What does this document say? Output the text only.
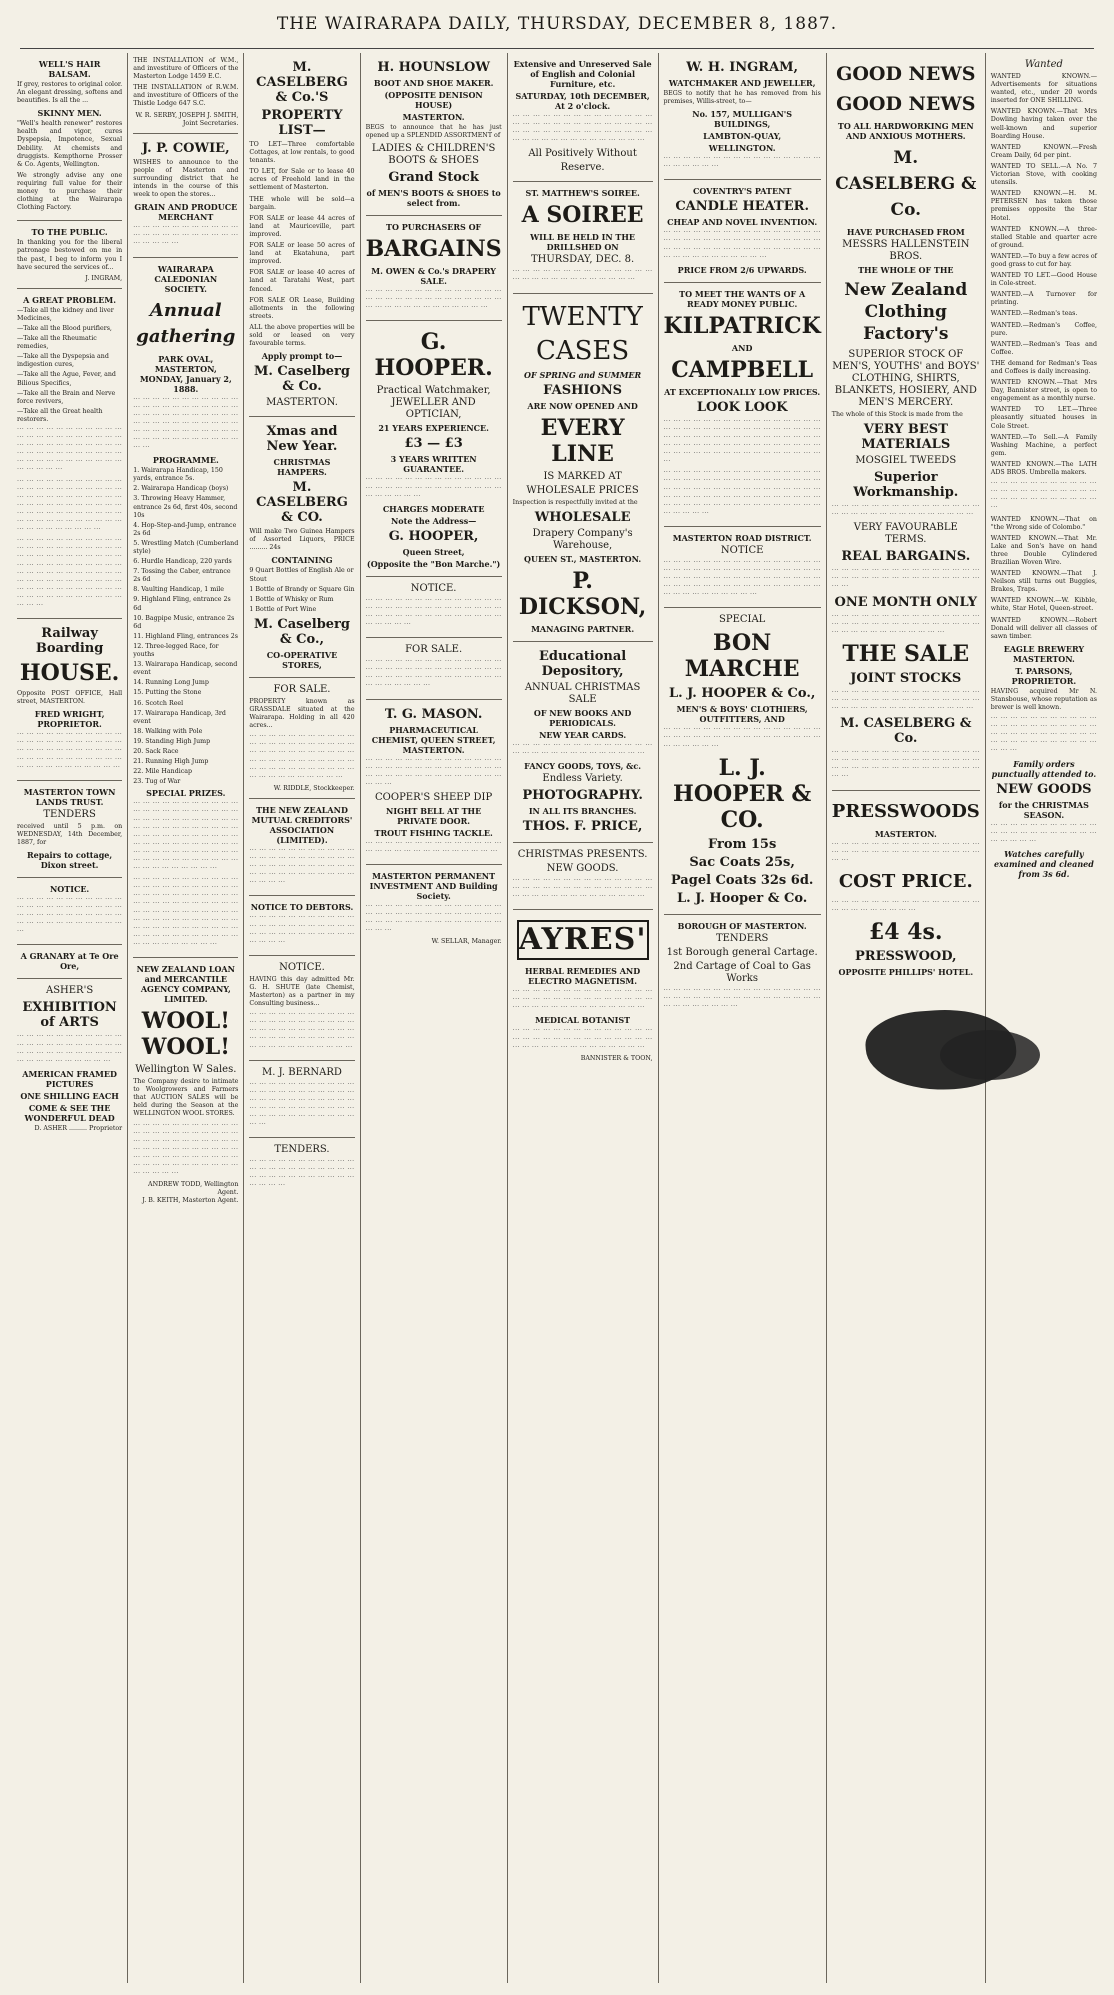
THE WAIRARAPA DAILY, THURSDAY, DECEMBER 8, 1887.
WELL'S HAIR BALSAM.

If grey, restores to original color. An elegant dressing, softens and beautifies. Is all the ...

SKINNY MEN.

"Well's health renewer" restores health and vigor, cures Dyspepsia, Impotence, Sexual Debility. At chemists and druggists. Kempthorne Prosser & Co. Agents, Wellington.

We strongly advise any one requiring full value for their money to purchase their clothing at the Wairarapa Clothing Factory.

TO THE PUBLIC.

In thanking you for the liberal patronage bestowed on me in the past, I beg to inform you I have secured the services of...

J. INGRAM,
A GREAT PROBLEM.
—Take all the kidney and liver Medicines,
—Take all the Blood purifiers,
—Take all the Rheumatic remedies,
—Take all the Dyspepsia and indigestion cures,
—Take all the Ague, Fever, and Bilious Specifics,
—Take all the Brain and Nerve force revivers,
—Take all the Great health restorers.

··· ··· ··· ··· ··· ··· ··· ··· ··· ··· ··· ··· ··· ··· ··· ··· ··· ··· ··· ··· ··· ··· ··· ··· ··· ··· ··· ··· ··· ··· ··· ··· ··· ··· ··· ··· ··· ··· ··· ··· ··· ··· ··· ··· ··· ··· ··· ··· ··· ··· ··· ··· ··· ··· ··· ··· ··· ··· ··· ···

··· ··· ··· ··· ··· ··· ··· ··· ··· ··· ··· ··· ··· ··· ··· ··· ··· ··· ··· ··· ··· ··· ··· ··· ··· ··· ··· ··· ··· ··· ··· ··· ··· ··· ··· ··· ··· ··· ··· ··· ··· ··· ··· ··· ··· ··· ··· ··· ··· ··· ··· ··· ··· ··· ··· ··· ··· ··· ··· ··· ··· ··· ··· ··· ··· ··· ··· ··· ··· ··· ··· ··· ··· ··· ···

··· ··· ··· ··· ··· ··· ··· ··· ··· ··· ··· ··· ··· ··· ··· ··· ··· ··· ··· ··· ··· ··· ··· ··· ··· ··· ··· ··· ··· ··· ··· ··· ··· ··· ··· ··· ··· ··· ··· ··· ··· ··· ··· ··· ··· ··· ··· ··· ··· ··· ··· ··· ··· ··· ··· ··· ··· ··· ··· ··· ··· ··· ··· ··· ··· ··· ··· ··· ··· ··· ··· ··· ··· ··· ··· ··· ··· ··· ··· ··· ··· ··· ··· ··· ··· ··· ··· ··· ··· ··· ···

Railway Boarding
HOUSE.

Opposite POST OFFICE, Hall street, MASTERTON.

FRED WRIGHT, PROPRIETOR.

··· ··· ··· ··· ··· ··· ··· ··· ··· ··· ··· ··· ··· ··· ··· ··· ··· ··· ··· ··· ··· ··· ··· ··· ··· ··· ··· ··· ··· ··· ··· ··· ··· ··· ··· ··· ··· ··· ··· ··· ··· ··· ··· ··· ··· ··· ··· ··· ··· ··· ··· ··· ··· ··· ···

MASTERTON TOWN LANDS TRUST.
TENDERS

received until 5 p.m. on WEDNESDAY, 14th December, 1887, for

Repairs to cottage, Dixon street.
NOTICE.

··· ··· ··· ··· ··· ··· ··· ··· ··· ··· ··· ··· ··· ··· ··· ··· ··· ··· ··· ··· ··· ··· ··· ··· ··· ··· ··· ··· ··· ··· ··· ··· ··· ··· ··· ··· ··· ··· ··· ··· ··· ··· ··· ··· ···

A GRANARY at Te Ore Ore,
ASHER'S
EXHIBITION of ARTS

··· ··· ··· ··· ··· ··· ··· ··· ··· ··· ··· ··· ··· ··· ··· ··· ··· ··· ··· ··· ··· ··· ··· ··· ··· ··· ··· ··· ··· ··· ··· ··· ··· ··· ··· ··· ··· ··· ··· ··· ··· ··· ···

AMERICAN FRAMED PICTURES
ONE SHILLING EACH
COME & SEE THE WONDERFUL DEAD
D. ASHER ......... Proprietor

THE INSTALLATION of W.M., and investiture of Officers of the Masterton Lodge 1459 E.C.

THE INSTALLATION of R.W.M. and investiture of Officers of the Thistle Lodge 647 S.C.

W. R. SERBY, JOSEPH J. SMITH, Joint Secretaries.
J. P. COWIE,

WISHES to announce to the people of Masterton and surrounding district that he intends in the course of this week to open the stores...

GRAIN AND PRODUCE MERCHANT

··· ··· ··· ··· ··· ··· ··· ··· ··· ··· ··· ··· ··· ··· ··· ··· ··· ··· ··· ··· ··· ··· ··· ··· ··· ··· ···

WAIRARAPA CALEDONIAN SOCIETY.
Annual gathering
PARK OVAL, MASTERTON, MONDAY, January 2, 1888.

··· ··· ··· ··· ··· ··· ··· ··· ··· ··· ··· ··· ··· ··· ··· ··· ··· ··· ··· ··· ··· ··· ··· ··· ··· ··· ··· ··· ··· ··· ··· ··· ··· ··· ··· ··· ··· ··· ··· ··· ··· ··· ··· ··· ··· ··· ··· ··· ··· ··· ··· ··· ··· ··· ··· ··· ··· ··· ··· ··· ··· ··· ··· ··· ··· ··· ··· ···

PROGRAMME.
1. Wairarapa Handicap, 150 yards, entrance 5s.
2. Wairarapa Handicap (boys)
3. Throwing Heavy Hammer, entrance 2s 6d, first 40s, second 10s
4. Hop-Step-and-Jump, entrance 2s 6d
5. Wrestling Match (Cumberland style)
6. Hurdle Handicap, 220 yards
7. Tossing the Caber, entrance 2s 6d
8. Vaulting Handicap, 1 mile
9. Highland Fling, entrance 2s 6d
10. Bagpipe Music, entrance 2s 6d
11. Highland Fling, entrances 2s
12. Three-legged Race, for youths
13. Wairarapa Handicap, second event
14. Running Long Jump
15. Putting the Stone
16. Scotch Reel
17. Wairarapa Handicap, 3rd event
18. Walking with Pole
19. Standing High Jump
20. Sack Race
21. Running High Jump
22. Mile Handicap
23. Tug of War
SPECIAL PRIZES.

··· ··· ··· ··· ··· ··· ··· ··· ··· ··· ··· ··· ··· ··· ··· ··· ··· ··· ··· ··· ··· ··· ··· ··· ··· ··· ··· ··· ··· ··· ··· ··· ··· ··· ··· ··· ··· ··· ··· ··· ··· ··· ··· ··· ··· ··· ··· ··· ··· ··· ··· ··· ··· ··· ··· ··· ··· ··· ··· ··· ··· ··· ··· ··· ··· ··· ··· ··· ··· ··· ··· ··· ··· ··· ··· ··· ··· ··· ··· ··· ··· ··· ··· ··· ··· ··· ··· ··· ··· ··· ··· ··· ··· ··· ··· ··· ···

··· ··· ··· ··· ··· ··· ··· ··· ··· ··· ··· ··· ··· ··· ··· ··· ··· ··· ··· ··· ··· ··· ··· ··· ··· ··· ··· ··· ··· ··· ··· ··· ··· ··· ··· ··· ··· ··· ··· ··· ··· ··· ··· ··· ··· ··· ··· ··· ··· ··· ··· ··· ··· ··· ··· ··· ··· ··· ··· ··· ··· ··· ··· ··· ··· ··· ··· ··· ··· ··· ··· ··· ··· ··· ··· ··· ··· ··· ··· ··· ··· ··· ··· ··· ··· ··· ··· ··· ··· ··· ··· ··· ··· ··· ··· ··· ···

NEW ZEALAND LOAN and MERCANTILE AGENCY COMPANY, LIMITED.
WOOL! WOOL!
Wellington W Sales.

The Company desire to intimate to Woolgrowers and Farmers that AUCTION SALES will be held during the Season at the WELLINGTON WOOL STORES.

··· ··· ··· ··· ··· ··· ··· ··· ··· ··· ··· ··· ··· ··· ··· ··· ··· ··· ··· ··· ··· ··· ··· ··· ··· ··· ··· ··· ··· ··· ··· ··· ··· ··· ··· ··· ··· ··· ··· ··· ··· ··· ··· ··· ··· ··· ··· ··· ··· ··· ··· ··· ··· ··· ··· ··· ··· ··· ··· ··· ··· ··· ··· ··· ··· ··· ··· ··· ··· ··· ···

ANDREW TODD, Wellington Agent.
J. B. KEITH, Masterton Agent.
M. CASELBERG & Co.'S
PROPERTY LIST—

TO LET—Three comfortable Cottages, at low rentals, to good tenants.

TO LET, for Sale or to lease 40 acres of Freehold land in the settlement of Masterton.

THE whole will be sold—a bargain.

FOR SALE or lease 44 acres of land at Mauriceville, part improved.

FOR SALE or lease 50 acres of land at Ekatahuna, part improved.

FOR SALE or lease 40 acres of land at Taratahi West, part fenced.

FOR SALE OR Lease, Building allotments in the following streets.

ALL the above properties will be sold or leased on very favourable terms.

Apply prompt to—
M. Caselberg & Co.
MASTERTON.
Xmas and New Year.
CHRISTMAS HAMPERS.
M. CASELBERG & CO.

Will make Two Guinea Hampers of Assorted Liquors, PRICE ......... 24s

CONTAINING
9 Quart Bottles of English Ale or Stout
1 Bottle of Brandy or Square Gin
1 Bottle of Whisky or Rum
1 Bottle of Port Wine
M. Caselberg & Co.,
CO-OPERATIVE STORES,
FOR SALE.

PROPERTY known as GRASSDALE situated at the Wairarapa. Holding in all 420 acres...

··· ··· ··· ··· ··· ··· ··· ··· ··· ··· ··· ··· ··· ··· ··· ··· ··· ··· ··· ··· ··· ··· ··· ··· ··· ··· ··· ··· ··· ··· ··· ··· ··· ··· ··· ··· ··· ··· ··· ··· ··· ··· ··· ··· ··· ··· ··· ··· ··· ··· ··· ··· ··· ··· ··· ··· ··· ··· ··· ··· ··· ··· ··· ··· ···

W. RIDDLE, Stockkeeper.
THE NEW ZEALAND MUTUAL CREDITORS' ASSOCIATION (LIMITED).

··· ··· ··· ··· ··· ··· ··· ··· ··· ··· ··· ··· ··· ··· ··· ··· ··· ··· ··· ··· ··· ··· ··· ··· ··· ··· ··· ··· ··· ··· ··· ··· ··· ··· ··· ··· ··· ··· ··· ··· ··· ··· ··· ··· ··· ··· ··· ···

NOTICE TO DEBTORS.

··· ··· ··· ··· ··· ··· ··· ··· ··· ··· ··· ··· ··· ··· ··· ··· ··· ··· ··· ··· ··· ··· ··· ··· ··· ··· ··· ··· ··· ··· ··· ··· ··· ··· ··· ··· ···

NOTICE.

HAVING this day admitted Mr. G. H. SHUTE (late Chemist, Masterton) as a partner in my Consulting business...

··· ··· ··· ··· ··· ··· ··· ··· ··· ··· ··· ··· ··· ··· ··· ··· ··· ··· ··· ··· ··· ··· ··· ··· ··· ··· ··· ··· ··· ··· ··· ··· ··· ··· ··· ··· ··· ··· ··· ··· ··· ··· ··· ··· ··· ··· ··· ··· ··· ··· ··· ··· ··· ··· ···

M. J. BERNARD

··· ··· ··· ··· ··· ··· ··· ··· ··· ··· ··· ··· ··· ··· ··· ··· ··· ··· ··· ··· ··· ··· ··· ··· ··· ··· ··· ··· ··· ··· ··· ··· ··· ··· ··· ··· ··· ··· ··· ··· ··· ··· ··· ··· ··· ··· ··· ··· ··· ··· ··· ··· ··· ··· ··· ··· ···

TENDERS.

··· ··· ··· ··· ··· ··· ··· ··· ··· ··· ··· ··· ··· ··· ··· ··· ··· ··· ··· ··· ··· ··· ··· ··· ··· ··· ··· ··· ··· ··· ··· ··· ··· ··· ··· ··· ···

H. HOUNSLOW
BOOT AND SHOE MAKER.
(OPPOSITE DENISON HOUSE)
MASTERTON.

BEGS to announce that he has just opened up a SPLENDID ASSORTMENT of

LADIES & CHILDREN'S BOOTS & SHOES
Grand Stock
of MEN'S BOOTS & SHOES to select from.
TO PURCHASERS OF
BARGAINS
M. OWEN & Co.'s DRAPERY SALE.

··· ··· ··· ··· ··· ··· ··· ··· ··· ··· ··· ··· ··· ··· ··· ··· ··· ··· ··· ··· ··· ··· ··· ··· ··· ··· ··· ··· ··· ··· ··· ··· ··· ··· ··· ··· ··· ··· ··· ··· ···

G. HOOPER.
Practical Watchmaker, JEWELLER AND OPTICIAN,
21 YEARS EXPERIENCE.
£3 — £3
3 YEARS WRITTEN GUARANTEE.

··· ··· ··· ··· ··· ··· ··· ··· ··· ··· ··· ··· ··· ··· ··· ··· ··· ··· ··· ··· ··· ··· ··· ··· ··· ··· ··· ··· ··· ··· ··· ··· ··· ···

CHARGES MODERATE
Note the Address—
G. HOOPER,
Queen Street,
(Opposite the "Bon Marche.")
NOTICE.

··· ··· ··· ··· ··· ··· ··· ··· ··· ··· ··· ··· ··· ··· ··· ··· ··· ··· ··· ··· ··· ··· ··· ··· ··· ··· ··· ··· ··· ··· ··· ··· ··· ··· ··· ··· ··· ··· ··· ··· ··· ··· ··· ··· ··· ··· ···

FOR SALE.

··· ··· ··· ··· ··· ··· ··· ··· ··· ··· ··· ··· ··· ··· ··· ··· ··· ··· ··· ··· ··· ··· ··· ··· ··· ··· ··· ··· ··· ··· ··· ··· ··· ··· ··· ··· ··· ··· ··· ··· ··· ··· ··· ··· ··· ··· ··· ··· ···

T. G. MASON.
PHARMACEUTICAL CHEMIST, QUEEN STREET, MASTERTON.

··· ··· ··· ··· ··· ··· ··· ··· ··· ··· ··· ··· ··· ··· ··· ··· ··· ··· ··· ··· ··· ··· ··· ··· ··· ··· ··· ··· ··· ··· ··· ··· ··· ··· ··· ··· ··· ··· ··· ··· ··· ··· ··· ··· ···

COOPER'S SHEEP DIP
NIGHT BELL AT THE PRIVATE DOOR.
TROUT FISHING TACKLE.

··· ··· ··· ··· ··· ··· ··· ··· ··· ··· ··· ··· ··· ··· ··· ··· ··· ··· ··· ··· ··· ··· ··· ··· ··· ··· ··· ···

MASTERTON PERMANENT INVESTMENT AND Building Society.

··· ··· ··· ··· ··· ··· ··· ··· ··· ··· ··· ··· ··· ··· ··· ··· ··· ··· ··· ··· ··· ··· ··· ··· ··· ··· ··· ··· ··· ··· ··· ··· ··· ··· ··· ··· ··· ··· ··· ··· ··· ··· ··· ··· ···

W. SELLAR, Manager.
Extensive and Unreserved Sale of English and Colonial Furniture, etc.
SATURDAY, 10th DECEMBER, At 2 o'clock.

··· ··· ··· ··· ··· ··· ··· ··· ··· ··· ··· ··· ··· ··· ··· ··· ··· ··· ··· ··· ··· ··· ··· ··· ··· ··· ··· ··· ··· ··· ··· ··· ··· ··· ··· ··· ··· ··· ··· ··· ··· ··· ··· ··· ··· ··· ··· ··· ··· ··· ··· ··· ··· ··· ··· ···

All Positively Without
Reserve.
ST. MATTHEW'S SOIREE.
A SOIREE
WILL BE HELD IN THE DRILLSHED ON
THURSDAY, DEC. 8.

··· ··· ··· ··· ··· ··· ··· ··· ··· ··· ··· ··· ··· ··· ··· ··· ··· ··· ··· ··· ··· ··· ··· ··· ··· ··· ···

TWENTY
CASES
OF SPRING and SUMMER
FASHIONS
ARE NOW OPENED AND
EVERY LINE
IS MARKED AT
WHOLESALE PRICES

Inspection is respectfully invited at the

WHOLESALE
Drapery Company's Warehouse,
QUEEN ST., MASTERTON.
P. DICKSON,
MANAGING PARTNER.
Educational Depository,
ANNUAL CHRISTMAS SALE
OF NEW BOOKS AND PERIODICALS.
NEW YEAR CARDS.

··· ··· ··· ··· ··· ··· ··· ··· ··· ··· ··· ··· ··· ··· ··· ··· ··· ··· ··· ··· ··· ··· ··· ··· ··· ··· ··· ···

FANCY GOODS, TOYS, &c.
Endless Variety.
PHOTOGRAPHY.
IN ALL ITS BRANCHES.
THOS. F. PRICE,
CHRISTMAS PRESENTS.
NEW GOODS.

··· ··· ··· ··· ··· ··· ··· ··· ··· ··· ··· ··· ··· ··· ··· ··· ··· ··· ··· ··· ··· ··· ··· ··· ··· ··· ··· ··· ··· ··· ··· ··· ··· ··· ··· ··· ··· ··· ··· ··· ··· ···

AYRES'
HERBAL REMEDIES AND ELECTRO MAGNETISM.

··· ··· ··· ··· ··· ··· ··· ··· ··· ··· ··· ··· ··· ··· ··· ··· ··· ··· ··· ··· ··· ··· ··· ··· ··· ··· ··· ··· ··· ··· ··· ··· ··· ··· ··· ··· ··· ··· ··· ··· ··· ···

MEDICAL BOTANIST

··· ··· ··· ··· ··· ··· ··· ··· ··· ··· ··· ··· ··· ··· ··· ··· ··· ··· ··· ··· ··· ··· ··· ··· ··· ··· ··· ··· ··· ··· ··· ··· ··· ··· ··· ··· ··· ··· ··· ··· ··· ···

BANNISTER & TOON,
W. H. INGRAM,
WATCHMAKER AND JEWELLER,

BEGS to notify that he has removed from his premises, Willis-street, to—

No. 157, MULLIGAN'S BUILDINGS,
LAMBTON-QUAY,
WELLINGTON.

··· ··· ··· ··· ··· ··· ··· ··· ··· ··· ··· ··· ··· ··· ··· ··· ··· ··· ··· ··· ··· ···

COVENTRY'S PATENT
CANDLE HEATER.
CHEAP AND NOVEL INVENTION.

··· ··· ··· ··· ··· ··· ··· ··· ··· ··· ··· ··· ··· ··· ··· ··· ··· ··· ··· ··· ··· ··· ··· ··· ··· ··· ··· ··· ··· ··· ··· ··· ··· ··· ··· ··· ··· ··· ··· ··· ··· ··· ··· ··· ··· ··· ··· ··· ··· ··· ··· ··· ··· ··· ··· ··· ··· ··· ···

PRICE FROM 2/6 UPWARDS.
TO MEET THE WANTS OF A READY MONEY PUBLIC.
KILPATRICK
AND
CAMPBELL
AT EXCEPTIONALLY LOW PRICES.
LOOK LOOK

··· ··· ··· ··· ··· ··· ··· ··· ··· ··· ··· ··· ··· ··· ··· ··· ··· ··· ··· ··· ··· ··· ··· ··· ··· ··· ··· ··· ··· ··· ··· ··· ··· ··· ··· ··· ··· ··· ··· ··· ··· ··· ··· ··· ··· ··· ··· ··· ··· ··· ··· ··· ··· ··· ··· ··· ··· ··· ··· ··· ··· ··· ··· ··· ··· ··· ··· ··· ··· ··· ··· ··· ··· ··· ··· ··· ··· ··· ··· ··· ···

··· ··· ··· ··· ··· ··· ··· ··· ··· ··· ··· ··· ··· ··· ··· ··· ··· ··· ··· ··· ··· ··· ··· ··· ··· ··· ··· ··· ··· ··· ··· ··· ··· ··· ··· ··· ··· ··· ··· ··· ··· ··· ··· ··· ··· ··· ··· ··· ··· ··· ··· ··· ··· ··· ··· ··· ··· ··· ··· ··· ··· ··· ··· ··· ··· ··· ··· ··· ··· ··· ··· ··· ··· ··· ··· ··· ··· ··· ··· ··· ··· ··· ··· ··· ···

MASTERTON ROAD DISTRICT.
NOTICE

··· ··· ··· ··· ··· ··· ··· ··· ··· ··· ··· ··· ··· ··· ··· ··· ··· ··· ··· ··· ··· ··· ··· ··· ··· ··· ··· ··· ··· ··· ··· ··· ··· ··· ··· ··· ··· ··· ··· ··· ··· ··· ··· ··· ··· ··· ··· ··· ··· ··· ··· ··· ··· ··· ··· ··· ··· ··· ··· ··· ··· ··· ··· ··· ··· ··· ··· ··· ··· ··· ··· ··· ··· ···

SPECIAL
BON MARCHE
L. J. HOOPER & Co.,
MEN'S & BOYS' CLOTHIERS, OUTFITTERS, AND

··· ··· ··· ··· ··· ··· ··· ··· ··· ··· ··· ··· ··· ··· ··· ··· ··· ··· ··· ··· ··· ··· ··· ··· ··· ··· ··· ··· ··· ··· ··· ··· ··· ··· ··· ··· ··· ···

L. J. HOOPER & CO.
From 15s
Sac Coats 25s,
Pagel Coats 32s 6d.
L. J. Hooper & Co.
BOROUGH OF MASTERTON.
TENDERS
1st Borough general Cartage.
2nd Cartage of Coal to Gas Works

··· ··· ··· ··· ··· ··· ··· ··· ··· ··· ··· ··· ··· ··· ··· ··· ··· ··· ··· ··· ··· ··· ··· ··· ··· ··· ··· ··· ··· ··· ··· ··· ··· ··· ··· ··· ··· ··· ··· ···

GOOD NEWS
GOOD NEWS
TO ALL HARDWORKING MEN AND ANXIOUS MOTHERS.
M. CASELBERG & Co.
HAVE PURCHASED FROM
MESSRS HALLENSTEIN BROS.
THE WHOLE OF THE
New Zealand Clothing Factory's
SUPERIOR STOCK OF MEN'S, YOUTHS' and BOYS' CLOTHING, SHIRTS, BLANKETS, HOSIERY, AND MEN'S MERCERY.

The whole of this Stock is made from the

VERY BEST MATERIALS
MOSGIEL TWEEDS
Superior Workmanship.

··· ··· ··· ··· ··· ··· ··· ··· ··· ··· ··· ··· ··· ··· ··· ··· ··· ··· ··· ··· ··· ··· ··· ··· ··· ··· ··· ··· ··· ···

VERY FAVOURABLE TERMS.
REAL BARGAINS.

··· ··· ··· ··· ··· ··· ··· ··· ··· ··· ··· ··· ··· ··· ··· ··· ··· ··· ··· ··· ··· ··· ··· ··· ··· ··· ··· ··· ··· ··· ··· ···

ONE MONTH ONLY

··· ··· ··· ··· ··· ··· ··· ··· ··· ··· ··· ··· ··· ··· ··· ··· ··· ··· ··· ··· ··· ··· ··· ··· ··· ··· ··· ··· ··· ··· ··· ··· ··· ··· ··· ··· ··· ··· ··· ··· ··· ···

THE SALE
JOINT STOCKS

··· ··· ··· ··· ··· ··· ··· ··· ··· ··· ··· ··· ··· ··· ··· ··· ··· ··· ··· ··· ··· ··· ··· ··· ··· ··· ··· ··· ··· ··· ··· ··· ··· ··· ··· ··· ··· ··· ··· ··· ··· ··· ··· ··· ···

M. CASELBERG & Co.

··· ··· ··· ··· ··· ··· ··· ··· ··· ··· ··· ··· ··· ··· ··· ··· ··· ··· ··· ··· ··· ··· ··· ··· ··· ··· ··· ··· ··· ··· ··· ··· ··· ··· ··· ··· ··· ··· ··· ··· ··· ··· ··· ··· ··· ··· ···

PRESSWOODS
MASTERTON.

··· ··· ··· ··· ··· ··· ··· ··· ··· ··· ··· ··· ··· ··· ··· ··· ··· ··· ··· ··· ··· ··· ··· ··· ··· ··· ··· ··· ··· ··· ··· ···

COST PRICE.

··· ··· ··· ··· ··· ··· ··· ··· ··· ··· ··· ··· ··· ··· ··· ··· ··· ··· ··· ··· ··· ··· ··· ···

£4 4s.
PRESSWOOD,
OPPOSITE PHILLIPS' HOTEL.
Wanted

WANTED KNOWN.—Advertisements for situations wanted, etc., under 20 words inserted for ONE SHILLING.

WANTED KNOWN.—That Mrs Dowling having taken over the well-known and superior Boarding House.

WANTED KNOWN.—Fresh Cream Daily, 6d per pint.

WANTED TO SELL.—A No. 7 Victorian Stove, with cooking utensils.

WANTED KNOWN.—H. M. PETERSEN has taken those premises opposite the Star Hotel.

WANTED KNOWN.—A three-stalled Stable and quarter acre of ground.

WANTED.—To buy a few acres of good grass to cut for hay.

WANTED TO LET.—Good House in Cole-street.

WANTED.—A Turnover for printing.

WANTED.—Redman's teas.

WANTED.—Redman's Coffee, pure.

WANTED.—Redman's Teas and Coffee.

THE demand for Redman's Teas and Coffees is daily increasing.

WANTED KNOWN.—That Mrs Day, Bannister street, is open to engagement as a monthly nurse.

WANTED TO LET.—Three pleasantly situated houses in Cole Street.

WANTED.—To Sell.—A Family Washing Machine, a perfect gem.

WANTED KNOWN.—The LATH ADS BROS. Umbrella makers.

··· ··· ··· ··· ··· ··· ··· ··· ··· ··· ··· ··· ··· ··· ··· ··· ··· ··· ··· ··· ··· ··· ··· ··· ··· ··· ··· ··· ··· ··· ··· ··· ··· ···

WANTED KNOWN.—That on "the Wrong side of Colombo."

WANTED KNOWN.—That Mr. Lake and Son's have on hand three Double Cylindered Brazilian Woven Wire.

WANTED KNOWN.—That J. Neilson still turns out Buggies, Brakes, Traps.

WANTED KNOWN.—W. Kibble, white, Star Hotel, Queen-street.

WANTED KNOWN.—Robert Donald will deliver all classes of sawn timber.

EAGLE BREWERY MASTERTON.
T. PARSONS, PROPRIETOR.

HAVING acquired Mr N. Stansbouse, whose reputation as brewer is well known.

··· ··· ··· ··· ··· ··· ··· ··· ··· ··· ··· ··· ··· ··· ··· ··· ··· ··· ··· ··· ··· ··· ··· ··· ··· ··· ··· ··· ··· ··· ··· ··· ··· ··· ··· ··· ··· ··· ··· ··· ··· ··· ··· ··· ··· ··· ···

Family orders punctually attended to.
NEW GOODS
for the CHRISTMAS SEASON.

··· ··· ··· ··· ··· ··· ··· ··· ··· ··· ··· ··· ··· ··· ··· ··· ··· ··· ··· ··· ··· ··· ··· ··· ··· ··· ···

Watches carefully examined and cleaned from 3s 6d.
